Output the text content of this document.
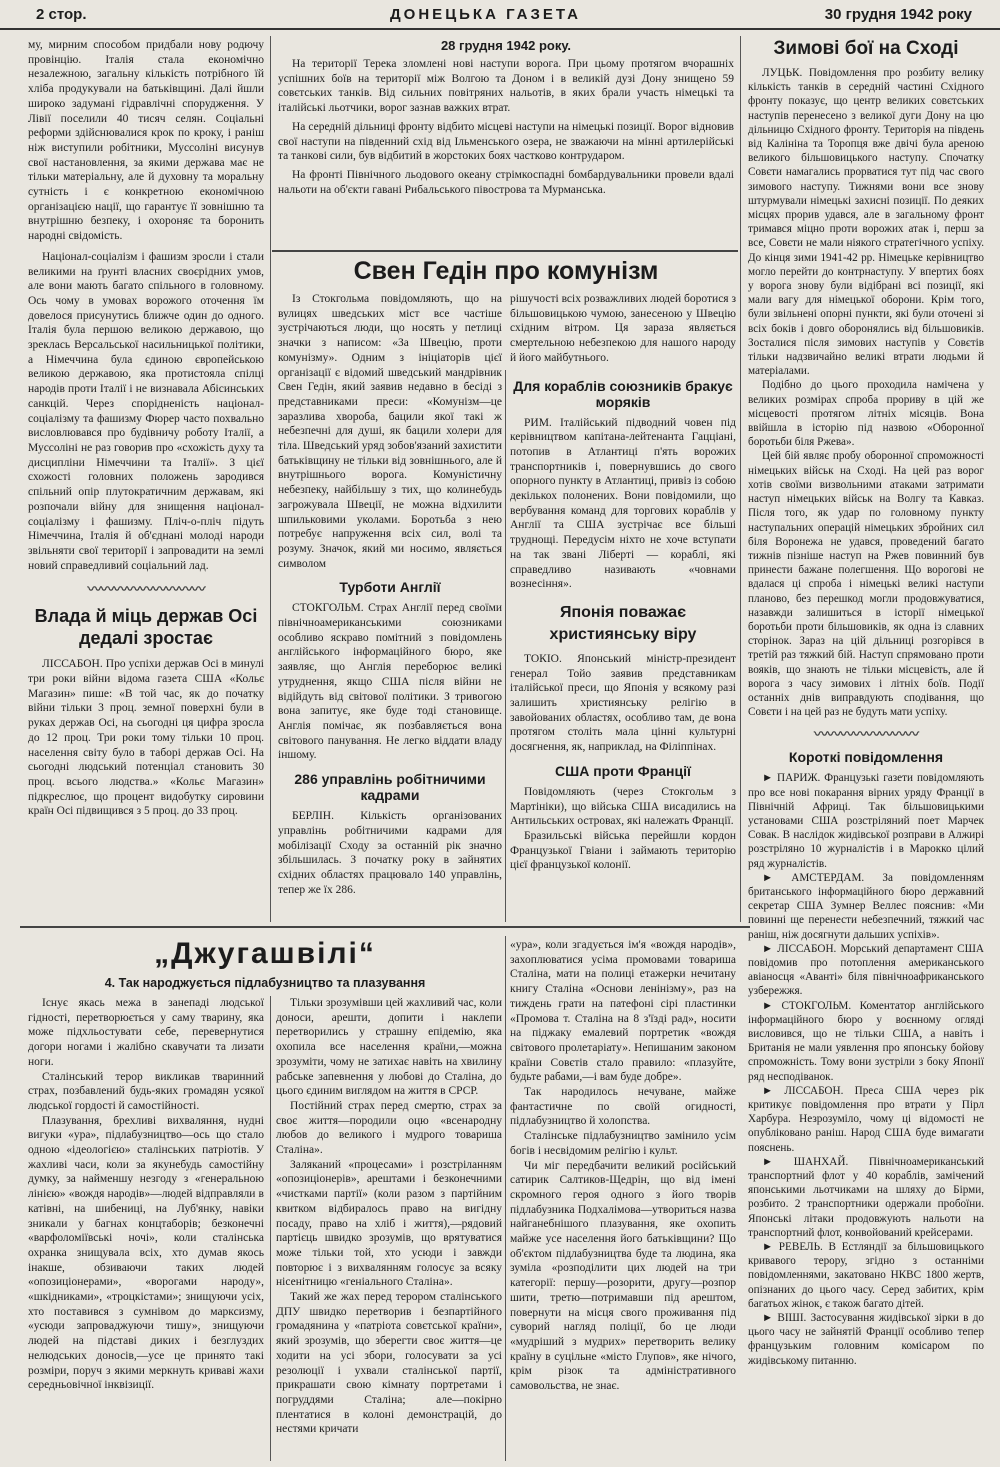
2 стор.	ДОНЕЦЬКА ГАЗЕТА	30 грудня 1942 року

му, мирним способом придбали нову родючу провінцію. Італія стала економічно незалежною, загальну кількість потрібного їй хліба продукували на батьківщині. Далі йшли широко задумані гідравлічні спорудження. У Лівії поселили 40 тисяч селян. Соціальні реформи здійснювалися крок по кроку, і раніш ніж виступили робітники, Муссоліні висунув свої настановлення, за якими держава має не тільки матеріальну, але й духовну та моральну сутність і є конкретною економічною організацією нації, що гарантує її зовнішню та внутрішню безпеку, і охороняє та боронить народні свідомість.

Націонал-соціалізм і фашизм зросли і стали великими на ґрунті власних своєрідних умов, але вони мають багато спільного в головному. Ось чому в умовах ворожого оточення їм довелося присунутись ближче один до одного. Італія була першою великою державою, що зреклась Версальської насильницької політики, а Німеччина була єдиною європейською великою державою, яка протистояла спілці народів проти Італії і не визнавала Абісинських санкцій. Через спорідненість націонал-соціалізму та фашизму Фюрер часто похвально висловлювався про будівничу роботу Італії, а Муссоліні не раз говорив про «схожість духу та дисципліни Німеччини та Італії». З цієї схожості головних положень зародився спільний опір плутократичним державам, які розпочали війну для знищення націонал-соціалізму і фашизму. Пліч-о-пліч підуть Німеччина, Італія й об'єднані молоді народи звільняти свої території і запровадити на землі новий справедливий соціальний лад.

〰〰〰〰〰〰〰〰〰
Влада й міць держав Осі дедалі зростає

ЛІССАБОН. Про успіхи держав Осі в минулі три роки війни відома газета США «Кольє Магазин» пише: «В той час, як до початку війни тільки 3 проц. земної поверхні були в руках держав Осі, на сьогодні ця цифра зросла до 12 проц. Три роки тому тільки 10 проц. населення світу було в таборі держав Осі. На сьогодні людський потенціал становить 30 проц. всього людства.» «Кольє Магазин» підкреслює, що процент видобутку сировини країн Осі підвищився з 5 проц. до 33 проц.

28 грудня 1942 року.

На території Терека зломлені нові наступи ворога. При цьому протягом вчорашніх успішних боїв на території між Волгою та Доном і в великій дузі Дону знищено 59 совєтських танків. Від сильних повітряних нальотів, в яких брали участь німецькі та італійські льотчики, ворог зазнав важких втрат.

На середній дільниці фронту відбито місцеві наступи на німецькі позиції. Ворог відновив свої наступи на південний схід від Ільменського озера, не зважаючи на мінні артилерійські та танкові сили, був відбитий в жорстоких боях частково контрударом.

На фронті Північного льодового океану стрімкоспадні бомбардувальники провели вдалі нальоти на об'єкти гавані Рибальського півострова та Мурманська.

Свен Гедін про комунізм

Із Стокгольма повідомляють, що на вулицях шведських міст все частіше зустрічаються люди, що носять у петлиці значки з написом: «За Швецію, проти комунізму». Одним з ініціаторів цієї організації є відомий шведський мандрівник Свен Гедін, який заявив недавно в бесіді з представниками преси: «Комунізм—це заразлива хвороба, бацили якої такі ж небезпечні для душі, як бацили холери для тіла. Шведський уряд зобов'язаний захистити батьківщину не тільки від зовнішнього, але й внутрішнього ворога. Комуністичну небезпеку, найбільшу з тих, що колинебудь загрожувала Швеції, не можна відхилити шпильковими уколами. Боротьба з нею потребує напруження всіх сил, волі та розуму. Значок, який ми носимо, являється символом

Турботи Англії

СТОКГОЛЬМ. Страх Англії перед своїми північноамериканськими союзниками особливо яскраво помітний з повідомлень англійського інформаційного бюро, яке заявляє, що Англія переборює великі утруднення, якщо США після війни не відійдуть від світової політики. З тривогою вона запитує, яке буде тоді становище. Англія помічає, як позбавляється вона світового панування. Не легко віддати владу іншому.

286 управлінь робітничими кадрами

БЕРЛІН. Кількість організованих управлінь робітничими кадрами для мобілізації Сходу за останній рік значно збільшилась. З початку року в зайнятих східних областях працювало 140 управлінь, тепер же їх 286.

рішучості всіх розважливих людей боротися з більшовицькою чумою, занесеною у Швецію східним вітром. Ця зараза являється смертельною небезпекою для нашого народу й його майбутнього.

Для кораблів союзників бракує моряків

РИМ. Італійський підводний човен під керівництвом капітана-лейтенанта Гацціані, потопив в Атлантиці п'ять ворожих транспортників і, повернувшись до свого опорного пункту в Атлантиці, привіз із собою декількох полонених. Вони повідомили, що вербування команд для торгових кораблів у Англії та США зустрічає все більші труднощі. Передусім ніхто не хоче вступати на так звані Ліберті — кораблі, які справедливо називають «човнами вознесіння».

Японія поважає християнську віру

ТОКІО. Японський міністр-президент генерал Тойо заявив представникам італійської преси, що Японія у всякому разі залишить християнську релігію в завойованих областях, особливо там, де вона протягом століть мала цінні культурні досягнення, як, наприклад, на Філіппінах.

США проти Франції

Повідомляють (через Стокгольм з Мартініки), що війська США висадились на Антильських островах, які належать Франції.

Бразильські війська перейшли кордон Французької Гвіани і займають територію цієї французької колонії.

Зимові бої на Сході

ЛУЦЬК. Повідомлення про розбиту велику кількість танків в середній частині Східного фронту показує, що центр великих совєтських наступів перенесено з великої дуги Дону на цю дільницю Східного фронту. Територія на південь від Калініна та Торопця вже двічі була ареною великого більшовицького наступу. Спочатку Совєти намагались прорватися тут під час свого зимового наступу. Тижнями вони все знову штурмували німецькі захисні позиції. По деяких місцях прорив удався, але в загальному фронт тримався міцно проти ворожих атак і, перш за все, Совєти не мали ніякого стратегічного успіху. До кінця зими 1941-42 рр. Німецьке керівництво могло перейти до контрнаступу. У впертих боях у ворога знову були відібрані всі позиції, які мали вагу для німецької оборони. Крім того, були звільнені опорні пункти, які були оточені зі всіх боків і довго оборонялись від більшовиків. Зосталися після зимових наступів у Совєтів тільки надзвичайно великі втрати людьми й матеріалами.

Подібно до цього проходила намічена у великих розмірах спроба прориву в цій же місцевості протягом літніх місяців. Вона ввійшла в історію під назвою «Оборонної боротьби біля Ржева».

Цей бій являє пробу оборонної спроможності німецьких військ на Сході. На цей раз ворог хотів своїми визвольними атаками затримати наступ німецьких військ на Волгу та Кавказ. Після того, як удар по головному пункту наступальних операцій німецьких збройних сил біля Воронежа не удався, проведений багато тижнів пізніше наступ на Ржев повинний був принести бажане полегшення. Що ворогові не вдалася ці спроба і німецькі великі наступи планово, без перешкод могли продовжуватися, назавжди залишиться в історії німецької боротьби проти більшовиків, як одна із славних сторінок. Зараз на цій дільниці розгорівся в третій раз тяжкий бій. Наступ спрямовано проти вояків, що знають не тільки місцевість, але й ворога з часу зимових і літніх боїв. Події останніх днів виправдують сподівання, що Совєти і на цей раз не будуть мати успіху.

〰〰〰〰〰〰〰〰
Короткі повідомлення

► ПАРИЖ. Французькі газети повідомляють про все нові покарання вірних уряду Франції в Північній Африці. Так більшовицькими установами США розстріляний поет Марчек Совак. В наслідок жидівської розправи в Алжирі розстріляно 10 журналістів і в Марокко цілий ряд журналістів.

► АМСТЕРДАМ. За повідомленням британського інформаційного бюро державний секретар США Зумнер Веллес пояснив: «Ми повинні ще перенести небезпечний, тяжкий час раніш, ніж досягнути дальших успіхів».

► ЛІССАБОН. Морський департамент США повідомив про потоплення американського авіаносця «Аванті» біля північноафриканського узбережжя.

► СТОКГОЛЬМ. Коментатор англійського інформаційного бюро у воєнному огляді висловився, що не тільки США, а навіть і Британія не мали уявлення про японську бойову спроможність. Тому вони зустріли з боку Японії ряд несподіванок.

► ЛІССАБОН. Преса США через рік критикує повідомлення про втрати у Пірл Харбура. Незрозуміло, чому ці відомості не опубліковано раніш. Народ США буде вимагати пояснень.

► ШАНХАЙ. Північноамериканський транспортний флот у 40 кораблів, замічений японськими льотчиками на шляху до Бірми, розбито. 2 транспортники одержали пробоїни. Японські літаки продовжують нальоти на транспортний флот, конвойований крейсерами.

► РЕВЕЛЬ. В Естляндії за більшовицького кривавого терору, згідно з останніми повідомленнями, закатовано НКВС 1800 жертв, опізнаних до цього часу. Серед забитих, крім багатьох жінок, є також багато дітей.

► ВІШІ. Застосування жидівської зірки в до цього часу не зайнятій Франції особливо тепер французьким головним комісаром по жидівському питанню.

„Джугашвілі“
4. Так народжується підлабузництво та плазування

Існує якась межа в занепаді людської гідності, перетворюється у саму тварину, яка може підхльостувати себе, перевернутися догори ногами і жалібно скавучати та лизати ноги.

Сталінський терор викликав тваринний страх, позбавлений будь-яких громадян усякої людської гордості й самостійності.

Плазування, брехливі вихваляння, нудні вигуки «ура», підлабузництво—ось що стало одною «ідеологією» сталінських патріотів. У жахливі часи, коли за якунебудь самостійну думку, за найменшу незгоду з «генеральною лінією» «вождя народів»—людей відправляли в катівні, на шибениці, на Луб'янку, навіки зникали у багнах концтаборів; безконечні «варфоломіївські ночі», коли сталінська охранка знищувала всіх, хто думав якось інакше, обзиваючи таких людей «опозиціонерами», «ворогами народу», «шкідниками», «троцкістами»; знищуючи усіх, хто поставився з сумнівом до марксизму, «усюди запроваджуючи тишу», знищуючи людей на підставі диких і безглуздих нелюдських доносів,—усе це принято такі розміри, поруч з якими меркнуть криваві жахи середньовічної інквізиції.

Тільки зрозумівши цей жахливий час, коли доноси, арешти, допити і наклепи перетворились у страшну епідемію, яка охопила все населення країни,—можна зрозуміти, чому не затихає навіть на хвилину рабське запевнення у любові до Сталіна, до цього єдиним виглядом на життя в СРСР.

Постійний страх перед смертю, страх за своє життя—породили оцю «всенародну любов до великого і мудрого товариша Сталіна».

Заляканий «процесами» і розстріланням «опозиціонерів», арештами і безконечними «чистками партії» (коли разом з партійним квитком відбиралось право на вигідну посаду, право на хліб і життя),—рядовий партієць швидко зрозумів, що врятуватися може тільки той, хто усюди і завжди повторює і з вихвалянням голосує за всяку нісенітницю «геніального Сталіна».

Такий же жах перед терором сталінського ДПУ швидко перетворив і безпартійного громадянина у «патріота совєтської країни», який зрозумів, що зберегти своє життя—це ходити на усі збори, голосувати за усі резолюції і ухвали сталінської партії, прикрашати свою кімнату портретами і погруддями Сталіна; але—покірно плентатися в колоні демонстрацій, до нестями кричати

«ура», коли згадується ім'я «вождя народів», захоплюватися усіма промовами товариша Сталіна, мати на полиці етажерки нечитану книгу Сталіна «Основи ленінізму», раз на тиждень грати на патефоні сірі пластинки «Промова т. Сталіна на 8 з'їзді рад», носити на піджаку емалевий портретик «вождя світового пролетаріату». Непишаним законом країни Совєтів стало правило: «плазуйте, будьте рабами,—і вам буде добре».

Так народилось нечуване, майже фантастичне по своїй огидності, підлабузництво й холопства.

Сталінське підлабузництво замінило усім богів і несвідомим релігію і культ.

Чи міг передбачити великий російський сатирик Салтиков-Щедрін, що від імені скромного героя одного з його творів підлабузника Подхалімова—утвориться назва найганебнішого плазування, яке охопить майже усе населення його батьківщини? Що об'єктом підлабузництва буде та людина, яка зуміла «розподілити цих людей на три категорії: першу—розорити, другу—розпор шити, третю—потримавши під арештом, повернути на місця свого проживання під суворий нагляд поліції, бо це люди «мудріший з мудрих» перетворить велику країну в суцільне «місто Глупов», яке нічого, крім різок та адміністративного самовольства, не знає.
